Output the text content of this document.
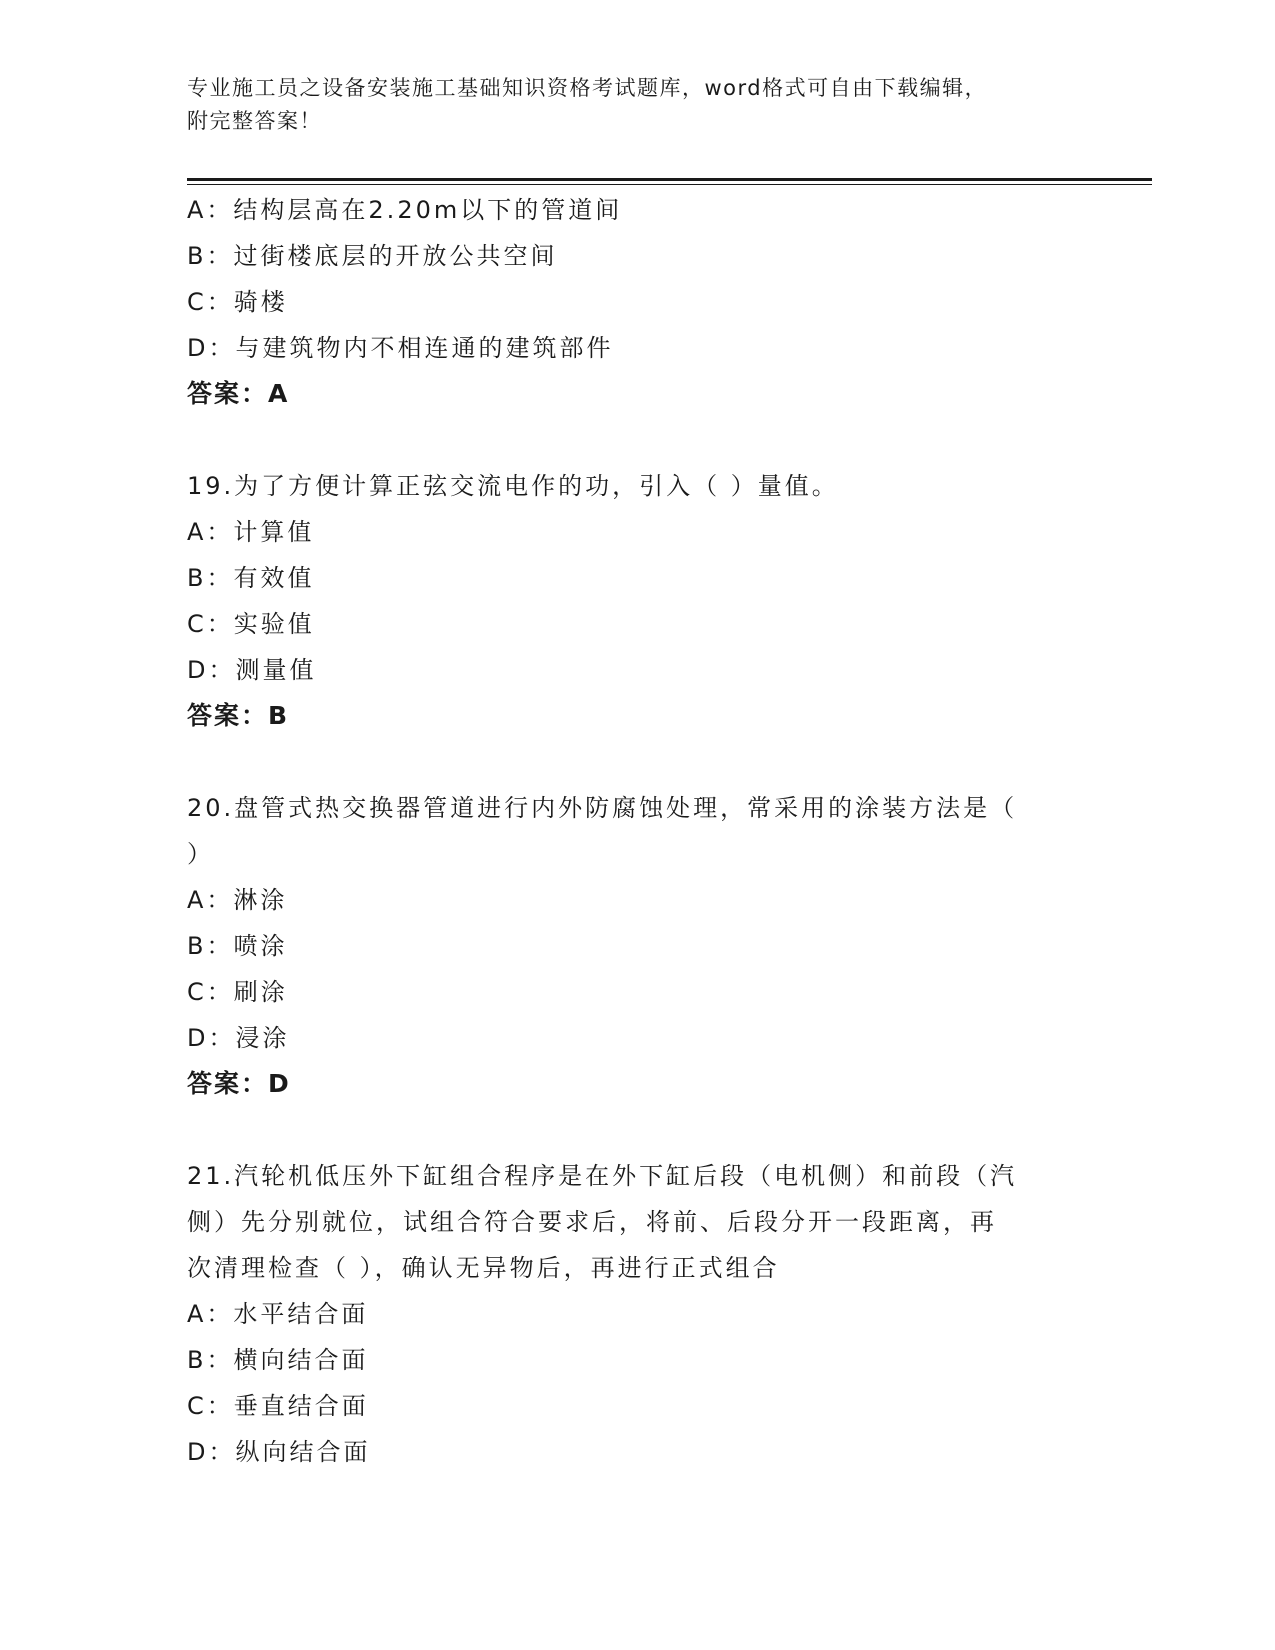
专业施工员之设备安装施工基础知识资格考试题库，word格式可自由下载编辑，
附完整答案！
A：结构层高在2.20m以下的管道间
B：过街楼底层的开放公共空间
C：骑楼
D：与建筑物内不相连通的建筑部件
答案：A
19.为了方便计算正弦交流电作的功，引入（ ）量值。
A：计算值
B：有效值
C：实验值
D：测量值
答案：B
20.盘管式热交换器管道进行内外防腐蚀处理，常采用的涂装方法是（
）
A：淋涂
B：喷涂
C：刷涂
D：浸涂
答案：D
21.汽轮机低压外下缸组合程序是在外下缸后段（电机侧）和前段（汽
侧）先分别就位，试组合符合要求后，将前、后段分开一段距离，再
次清理检查（ ），确认无异物后，再进行正式组合
A：水平结合面
B：横向结合面
C：垂直结合面
D：纵向结合面
